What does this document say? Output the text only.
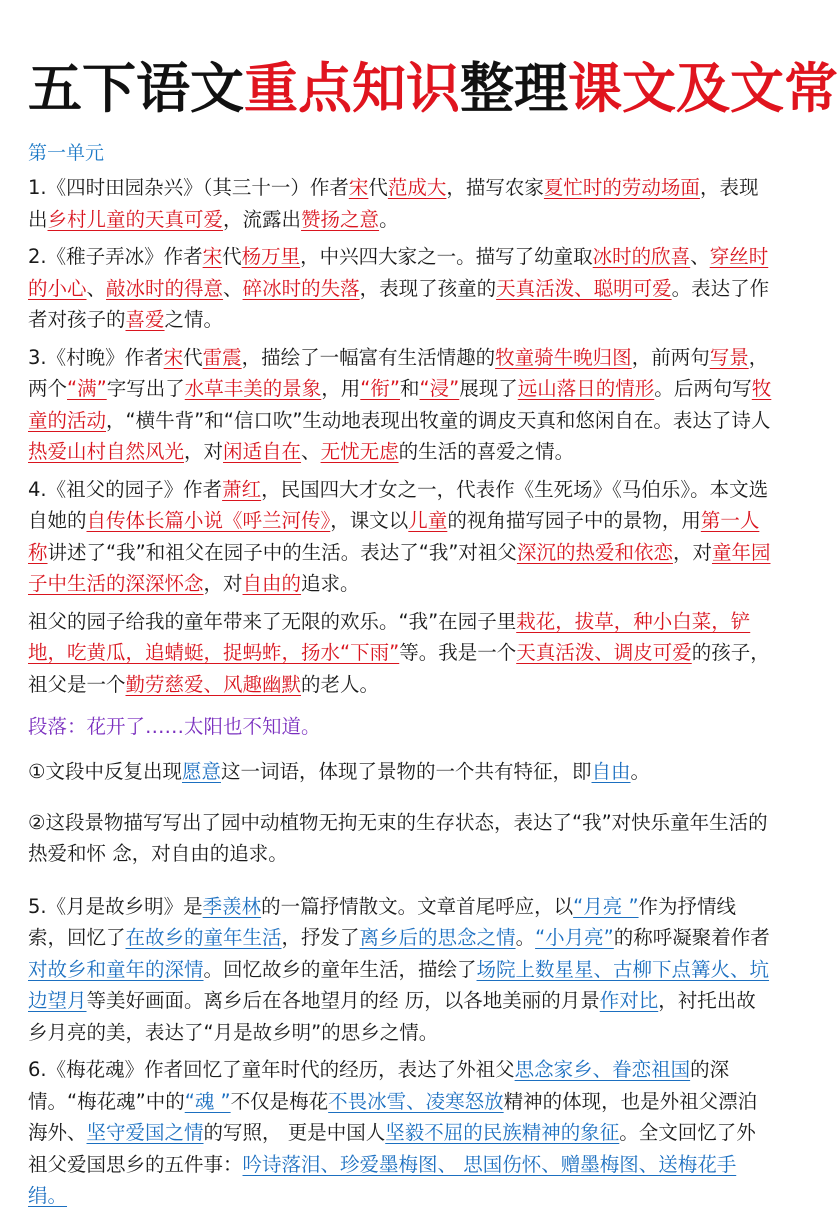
五下语文重点知识整理课文及文常
第一单元

1.《四时田园杂兴》（其三十一）作者宋代范成大，描写农家夏忙时的劳动场面，表现出乡村儿童的天真可爱，流露出赞扬之意。

2.《稚子弄冰》作者宋代杨万里，中兴四大家之一。描写了幼童取冰时的欣喜、穿丝时的小心、敲冰时的得意、碎冰时的失落，表现了孩童的天真活泼、聪明可爱。表达了作者对孩子的喜爱之情。

3.《村晚》作者宋代雷震，描绘了一幅富有生活情趣的牧童骑牛晚归图，前两句写景，两个“满”字写出了水草丰美的景象，用“衔”和“浸”展现了远山落日的情形。后两句写牧童的活动，“横牛背”和“信口吹”生动地表现出牧童的调皮天真和悠闲自在。表达了诗人热爱山村自然风光，对闲适自在、无忧无虑的生活的喜爱之情。

4.《祖父的园子》作者萧红，民国四大才女之一，代表作《生死场》《马伯乐》。本文选自她的自传体长篇小说《呼兰河传》，课文以儿童的视角描写园子中的景物，用第一人称讲述了“我”和祖父在园子中的生活。表达了“我”对祖父深沉的热爱和依恋，对童年园子中生活的深深怀念，对自由的追求。

祖父的园子给我的童年带来了无限的欢乐。“我”在园子里栽花，拔草，种小白菜，铲地，吃黄瓜，追蜻蜓，捉蚂蚱，扬水“下雨”等。我是一个天真活泼、调皮可爱的孩子，祖父是一个勤劳慈爱、风趣幽默的老人。

段落：花开了……太阳也不知道。

①文段中反复出现愿意这一词语，体现了景物的一个共有特征，即自由。

②这段景物描写写出了园中动植物无拘无束的生存状态，表达了“我”对快乐童年生活的热爱和怀 念，对自由的追求。

5.《月是故乡明》是季羡林的一篇抒情散文。文章首尾呼应，以“月亮 ”作为抒情线索，回忆了在故乡的童年生活，抒发了离乡后的思念之情。“小月亮”的称呼凝聚着作者对故乡和童年的深情。回忆故乡的童年生活，描绘了场院上数星星、古柳下点篝火、坑边望月等美好画面。离乡后在各地望月的经 历，以各地美丽的月景作对比，衬托出故乡月亮的美，表达了“月是故乡明”的思乡之情。

6.《梅花魂》作者回忆了童年时代的经历，表达了外祖父思念家乡、眷恋祖国的深情。“梅花魂”中的“魂 ”不仅是梅花不畏冰雪、凌寒怒放精神的体现，也是外祖父漂泊海外、坚守爱国之情的写照， 更是中国人坚毅不屈的民族精神的象征。全文回忆了外祖父爱国思乡的五件事：吟诗落泪、珍爱墨梅图、 思国伤怀、赠墨梅图、送梅花手绢。
